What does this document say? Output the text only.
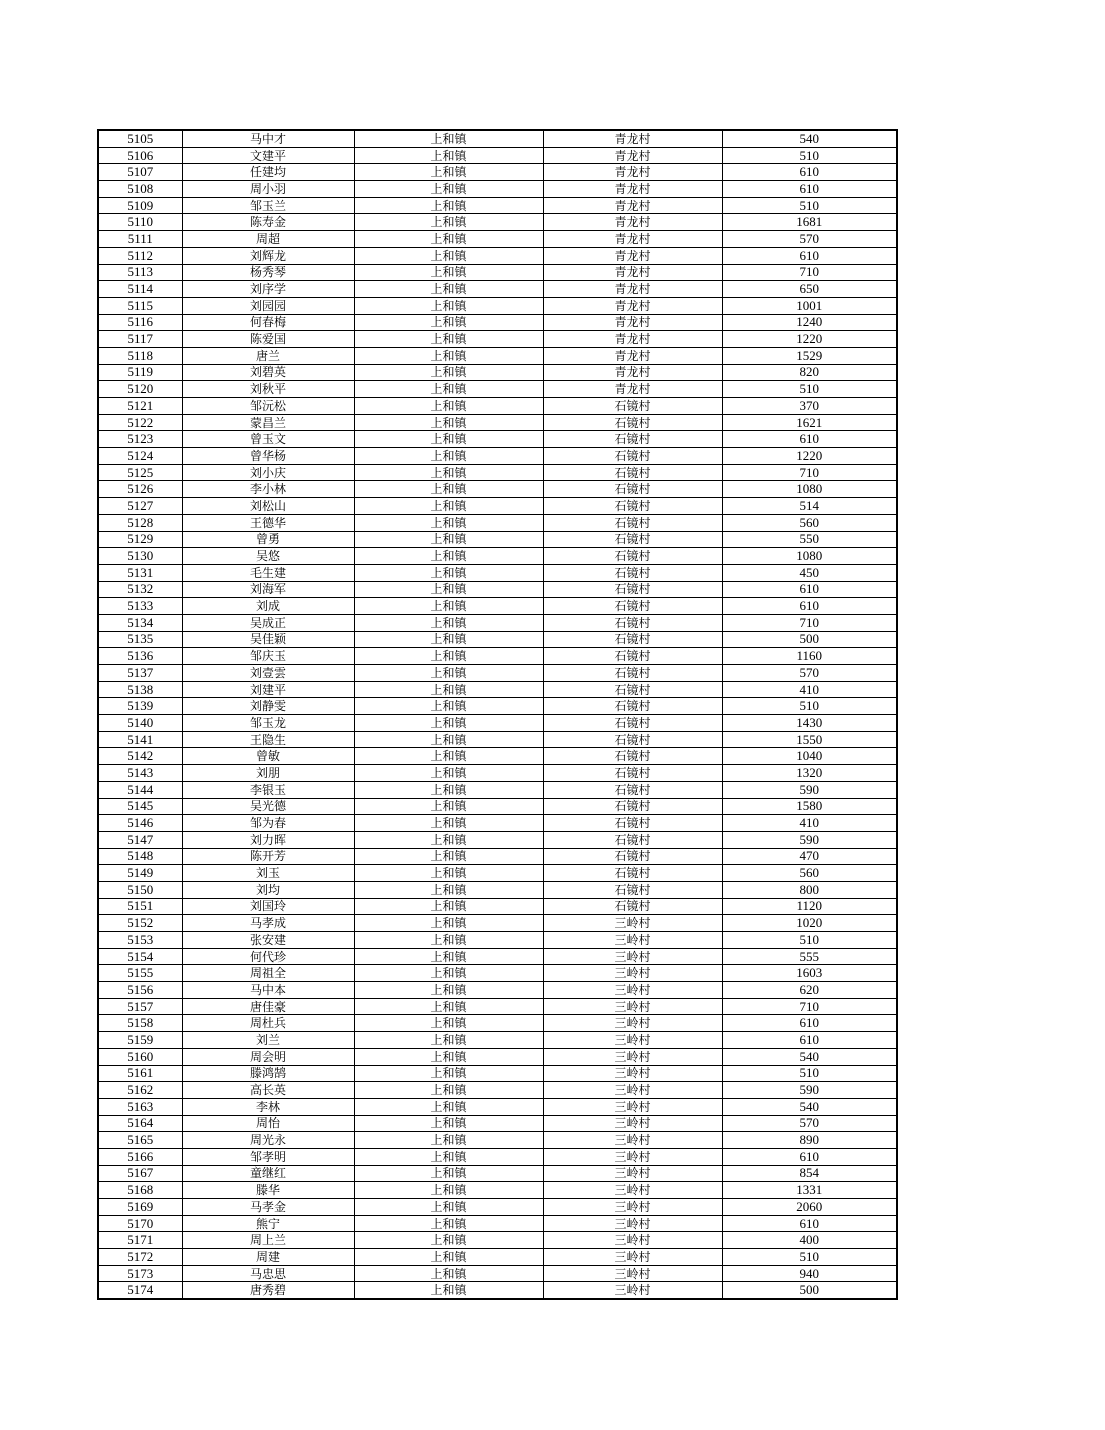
5105	马中才	上和镇	青龙村	540
5106	文建平	上和镇	青龙村	510
5107	任建均	上和镇	青龙村	610
5108	周小羽	上和镇	青龙村	610
5109	邹玉兰	上和镇	青龙村	510
5110	陈寿金	上和镇	青龙村	1681
5111	周超	上和镇	青龙村	570
5112	刘辉龙	上和镇	青龙村	610
5113	杨秀琴	上和镇	青龙村	710
5114	刘序学	上和镇	青龙村	650
5115	刘园园	上和镇	青龙村	1001
5116	何春梅	上和镇	青龙村	1240
5117	陈爱国	上和镇	青龙村	1220
5118	唐兰	上和镇	青龙村	1529
5119	刘碧英	上和镇	青龙村	820
5120	刘秋平	上和镇	青龙村	510
5121	邹沅松	上和镇	石镜村	370
5122	蒙昌兰	上和镇	石镜村	1621
5123	曾玉文	上和镇	石镜村	610
5124	曾华杨	上和镇	石镜村	1220
5125	刘小庆	上和镇	石镜村	710
5126	李小林	上和镇	石镜村	1080
5127	刘松山	上和镇	石镜村	514
5128	王德华	上和镇	石镜村	560
5129	曾勇	上和镇	石镜村	550
5130	吴悠	上和镇	石镜村	1080
5131	毛生建	上和镇	石镜村	450
5132	刘海军	上和镇	石镜村	610
5133	刘成	上和镇	石镜村	610
5134	吴成正	上和镇	石镜村	710
5135	吴佳颖	上和镇	石镜村	500
5136	邹庆玉	上和镇	石镜村	1160
5137	刘壹雲	上和镇	石镜村	570
5138	刘建平	上和镇	石镜村	410
5139	刘静雯	上和镇	石镜村	510
5140	邹玉龙	上和镇	石镜村	1430
5141	王隐生	上和镇	石镜村	1550
5142	曾敏	上和镇	石镜村	1040
5143	刘朋	上和镇	石镜村	1320
5144	李银玉	上和镇	石镜村	590
5145	吴光德	上和镇	石镜村	1580
5146	邹为春	上和镇	石镜村	410
5147	刘力晖	上和镇	石镜村	590
5148	陈开芳	上和镇	石镜村	470
5149	刘玉	上和镇	石镜村	560
5150	刘均	上和镇	石镜村	800
5151	刘国玲	上和镇	石镜村	1120
5152	马孝成	上和镇	三岭村	1020
5153	张安建	上和镇	三岭村	510
5154	何代珍	上和镇	三岭村	555
5155	周祖全	上和镇	三岭村	1603
5156	马中本	上和镇	三岭村	620
5157	唐佳豪	上和镇	三岭村	710
5158	周杜兵	上和镇	三岭村	610
5159	刘兰	上和镇	三岭村	610
5160	周会明	上和镇	三岭村	540
5161	滕鸿鹄	上和镇	三岭村	510
5162	高长英	上和镇	三岭村	590
5163	李林	上和镇	三岭村	540
5164	周怡	上和镇	三岭村	570
5165	周光永	上和镇	三岭村	890
5166	邹孝明	上和镇	三岭村	610
5167	童继红	上和镇	三岭村	854
5168	滕华	上和镇	三岭村	1331
5169	马孝金	上和镇	三岭村	2060
5170	熊宁	上和镇	三岭村	610
5171	周上兰	上和镇	三岭村	400
5172	周建	上和镇	三岭村	510
5173	马忠思	上和镇	三岭村	940
5174	唐秀碧	上和镇	三岭村	500
